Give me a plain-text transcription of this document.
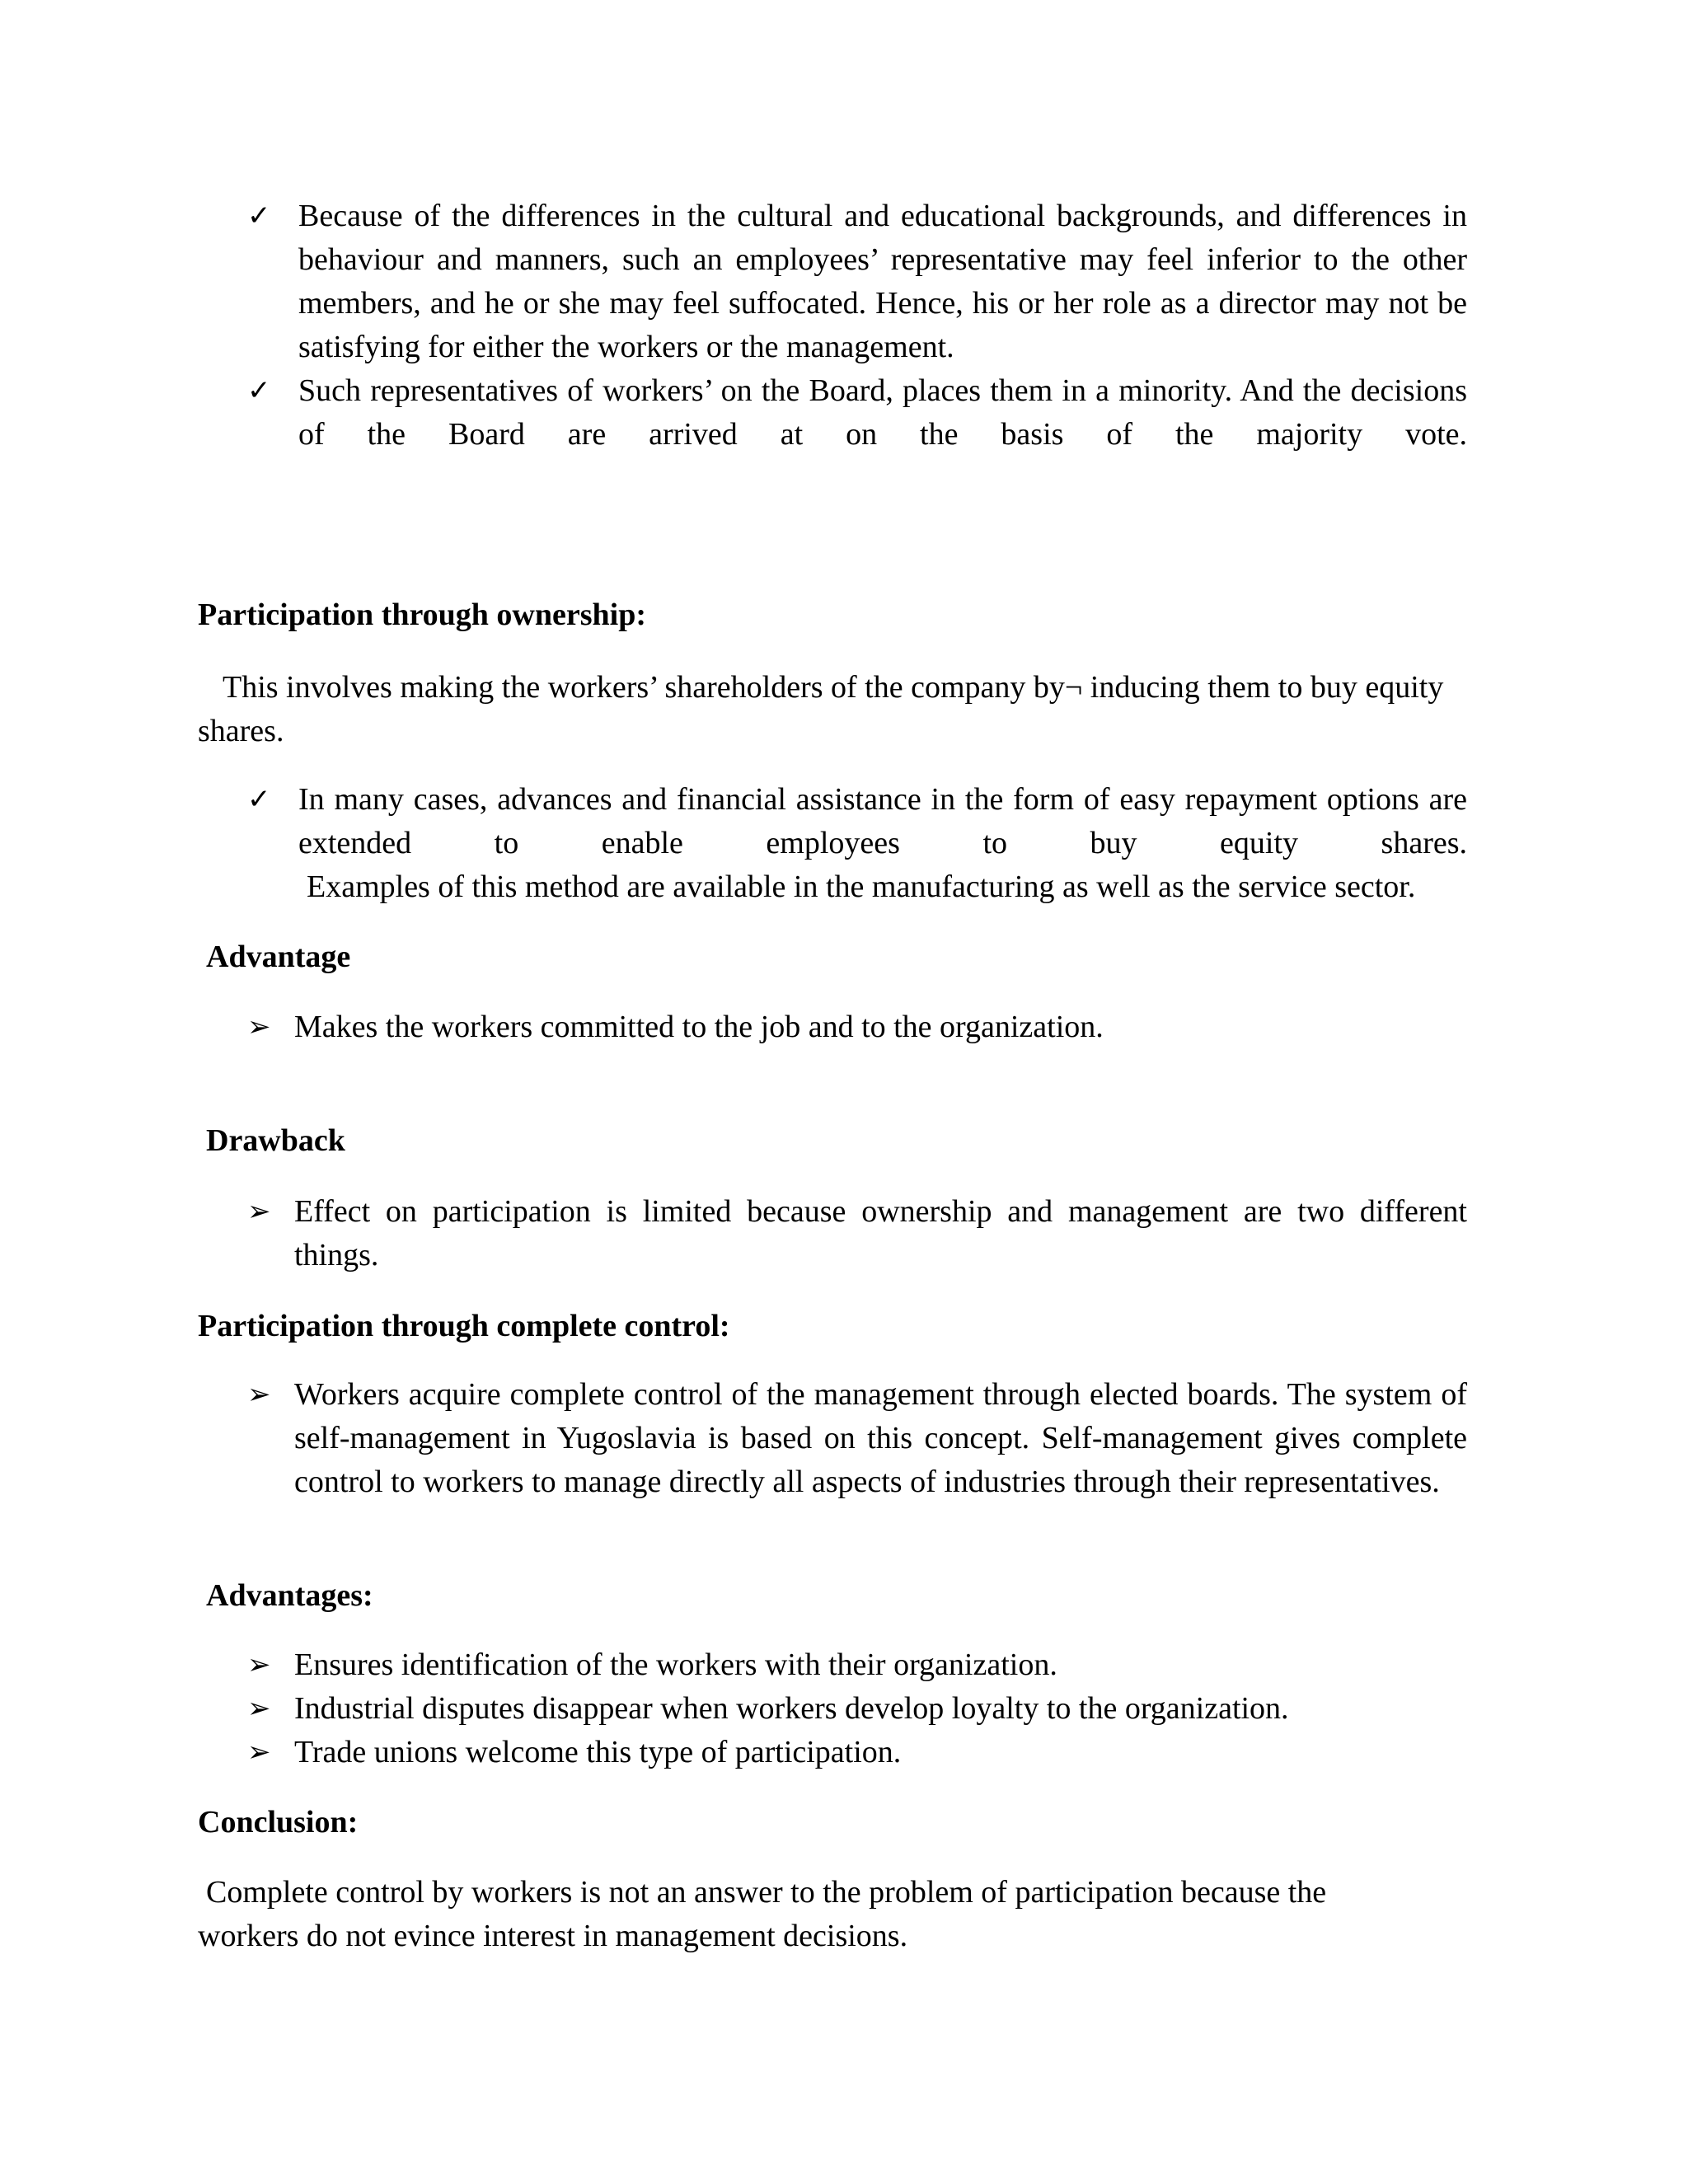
✓ Because of the differences in the cultural and educational backgrounds, and differences in behaviour and manners, such an employees’ representative may feel inferior to the other members, and he or she may feel suffocated. Hence, his or her role as a director may not be satisfying for either the workers or the management.
✓ Such representatives of workers’ on the Board, places them in a minority. And the decisions of the Board are arrived at on the basis of the majority vote.
Participation through ownership:
This involves making the workers’ shareholders of the company by¬ inducing them to buy equity shares.
✓ In many cases, advances and financial assistance in the form of easy repayment options are extended to enable employees to buy equity shares.
Examples of this method are available in the manufacturing as well as the service sector.
Advantage
➢ Makes the workers committed to the job and to the organization.
Drawback
➢ Effect on participation is limited because ownership and management are two different things.
Participation through complete control:
➢ Workers acquire complete control of the management through elected boards. The system of self-management in Yugoslavia is based on this concept. Self-management gives complete control to workers to manage directly all aspects of industries through their representatives.
Advantages:
➢ Ensures identification of the workers with their organization.
➢ Industrial disputes disappear when workers develop loyalty to the organization.
➢ Trade unions welcome this type of participation.
Conclusion:
Complete control by workers is not an answer to the problem of participation because the workers do not evince interest in management decisions.
